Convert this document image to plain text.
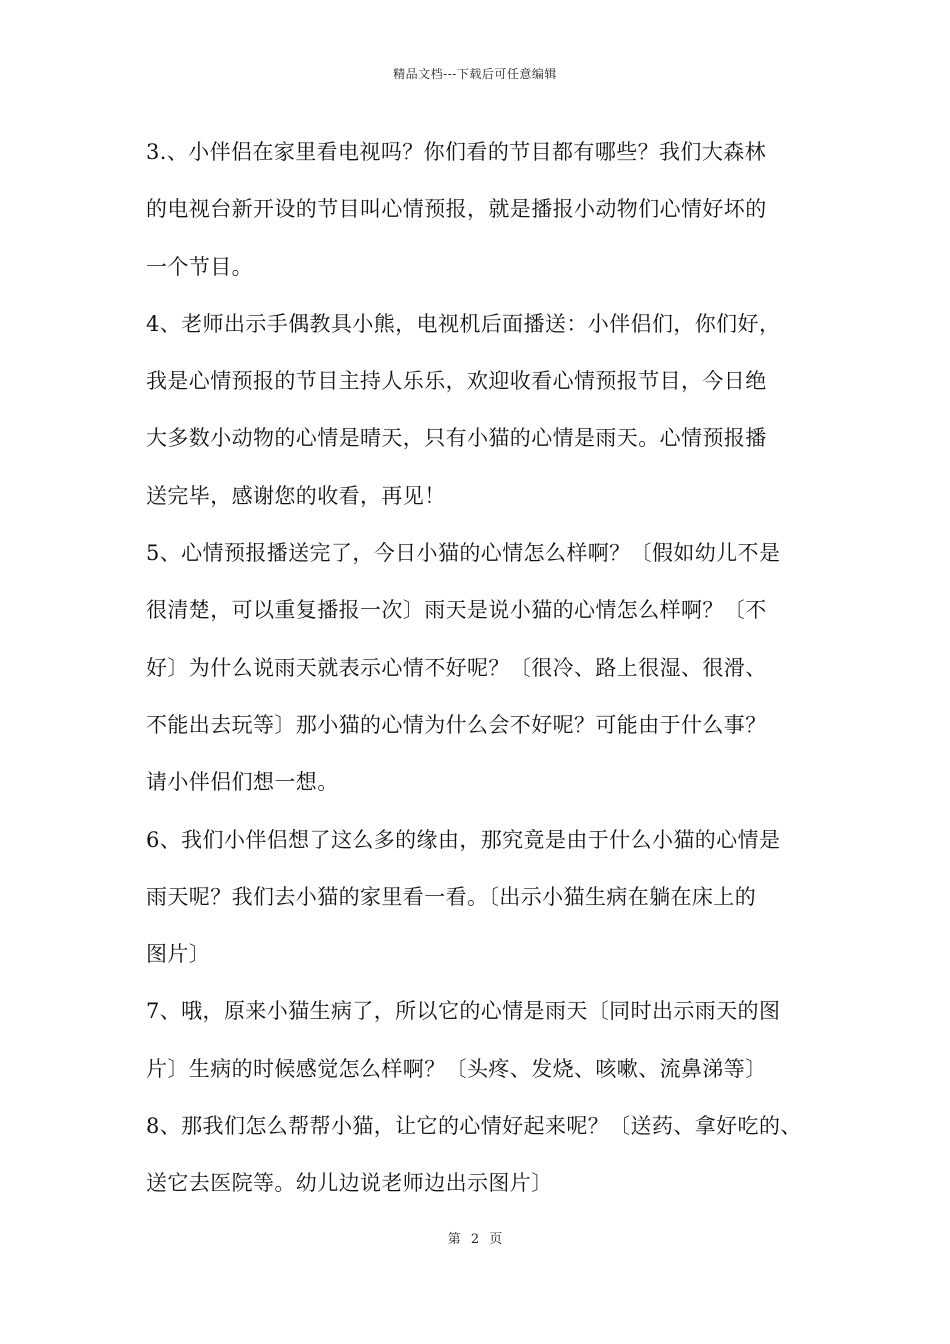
精品文档---下载后可任意编辑
3.、小伴侣在家里看电视吗？你们看的节目都有哪些？我们大森林
的电视台新开设的节目叫心情预报，就是播报小动物们心情好坏的
一个节目。
4、老师出示手偶教具小熊，电视机后面播送：小伴侣们，你们好，
我是心情预报的节目主持人乐乐，欢迎收看心情预报节目，今日绝
大多数小动物的心情是晴天，只有小猫的心情是雨天。心情预报播
送完毕，感谢您的收看，再见！
5、心情预报播送完了，今日小猫的心情怎么样啊？〔假如幼儿不是
很清楚，可以重复播报一次〕雨天是说小猫的心情怎么样啊？〔不
好〕为什么说雨天就表示心情不好呢？〔很冷、路上很湿、很滑、
不能出去玩等〕那小猫的心情为什么会不好呢？可能由于什么事？
请小伴侣们想一想。
6、我们小伴侣想了这么多的缘由，那究竟是由于什么小猫的心情是
雨天呢？我们去小猫的家里看一看。〔出示小猫生病在躺在床上的
图片〕
7、哦，原来小猫生病了，所以它的心情是雨天〔同时出示雨天的图
片〕生病的时候感觉怎么样啊？〔头疼、发烧、咳嗽、流鼻涕等〕
8、那我们怎么帮帮小猫，让它的心情好起来呢？〔送药、拿好吃的、
送它去医院等。幼儿边说老师边出示图片〕
第 2 页
